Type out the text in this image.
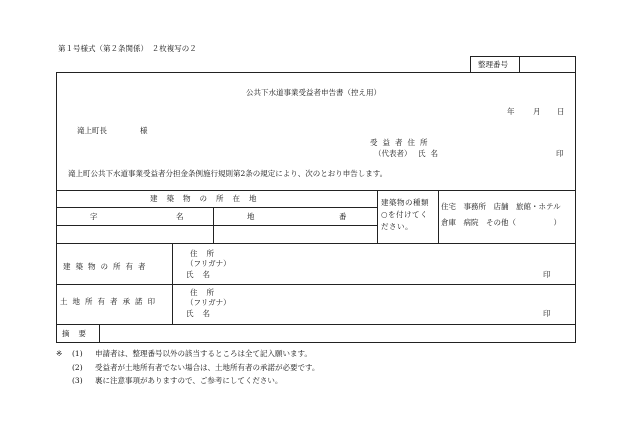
第１号様式（第２条関係）　２枚複写の２
整理番号
公共下水道事業受益者申告書（控え用）
年 月 日
滝上町長	様
受益者住所
（代表者） 氏名	印
滝上町公共下水道事業受益者分担金条例施行規則第2条の規定により、次のとおり申告します。
建築物の所在地
字	名	地	番
建築物の種類○を付けてください。
住宅　事務所　店舗　旅館・ホテル
倉庫　病院　その他（　　　　　）
建築物の所有者
住所
（フリガナ）
氏名	印
土地所有者承諾印
住所
（フリガナ）
氏名	印
摘要
※ (1) 申請者は、整理番号以外の該当するところは全て記入願います。
(2) 受益者が土地所有者でない場合は、土地所有者の承諾が必要です。
(3) 裏に注意事項がありますので、ご参考にしてください。
